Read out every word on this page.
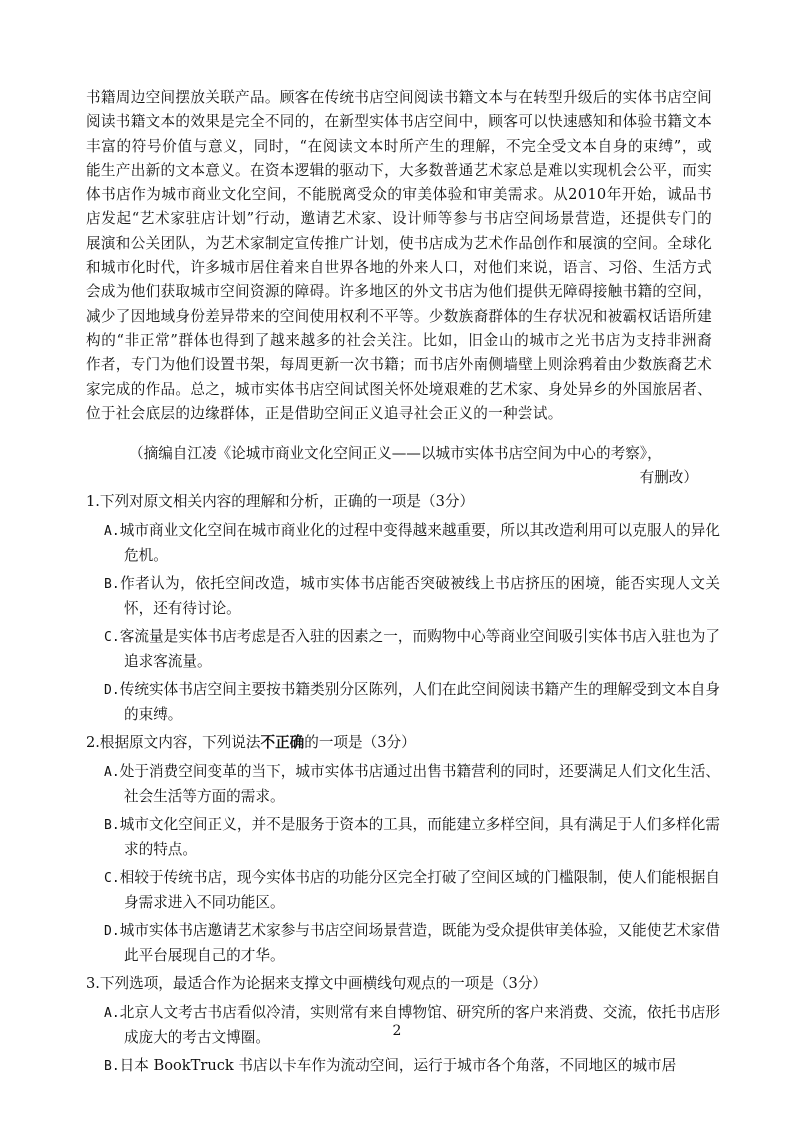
书籍周边空间摆放关联产品。顾客在传统书店空间阅读书籍文本与在转型升级后的实体书店空间阅读书籍文本的效果是完全不同的，在新型实体书店空间中，顾客可以快速感知和体验书籍文本丰富的符号价值与意义，同时，“在阅读文本时所产生的理解，不完全受文本自身的束缚”，或能生产出新的文本意义。在资本逻辑的驱动下，大多数普通艺术家总是难以实现机会公平，而实体书店作为城市商业文化空间，不能脱离受众的审美体验和审美需求。从2010年开始，诚品书店发起“艺术家驻店计划”行动，邀请艺术家、设计师等参与书店空间场景营造，还提供专门的展演和公关团队，为艺术家制定宣传推广计划，使书店成为艺术作品创作和展演的空间。全球化和城市化时代，许多城市居住着来自世界各地的外来人口，对他们来说，语言、习俗、生活方式会成为他们获取城市空间资源的障碍。许多地区的外文书店为他们提供无障碍接触书籍的空间，减少了因地域身份差异带来的空间使用权利不平等。少数族裔群体的生存状况和被霸权话语所建构的“非正常”群体也得到了越来越多的社会关注。比如，旧金山的城市之光书店为支持非洲裔作者，专门为他们设置书架，每周更新一次书籍；而书店外南侧墙壁上则涂鸦着由少数族裔艺术家完成的作品。总之，城市实体书店空间试图关怀处境艰难的艺术家、身处异乡的外国旅居者、位于社会底层的边缘群体，正是借助空间正义追寻社会正义的一种尝试。

（摘编自江凌《论城市商业文化空间正义——以城市实体书店空间为中心的考察》，
有删改）

1.下列对原文相关内容的理解和分析，正确的一项是（3分）

A.城市商业文化空间在城市商业化的过程中变得越来越重要，所以其改造利用可以克服人的异化危机。

B.作者认为，依托空间改造，城市实体书店能否突破被线上书店挤压的困境，能否实现人文关怀，还有待讨论。

C.客流量是实体书店考虑是否入驻的因素之一，而购物中心等商业空间吸引实体书店入驻也为了追求客流量。

D.传统实体书店空间主要按书籍类别分区陈列，人们在此空间阅读书籍产生的理解受到文本自身的束缚。

2.根据原文内容，下列说法不正确的一项是（3分）

A.处于消费空间变革的当下，城市实体书店通过出售书籍营利的同时，还要满足人们文化生活、社会生活等方面的需求。

B.城市文化空间正义，并不是服务于资本的工具，而能建立多样空间，具有满足于人们多样化需求的特点。

C.相较于传统书店，现今实体书店的功能分区完全打破了空间区域的门槛限制，使人们能根据自身需求进入不同功能区。

D.城市实体书店邀请艺术家参与书店空间场景营造，既能为受众提供审美体验，又能使艺术家借此平台展现自己的才华。

3.下列选项，最适合作为论据来支撑文中画横线句观点的一项是（3分）

A.北京人文考古书店看似冷清，实则常有来自博物馆、研究所的客户来消费、交流，依托书店形成庞大的考古文博圈。

B.日本 BookTruck 书店以卡车作为流动空间，运行于城市各个角落，不同地区的城市居

2
